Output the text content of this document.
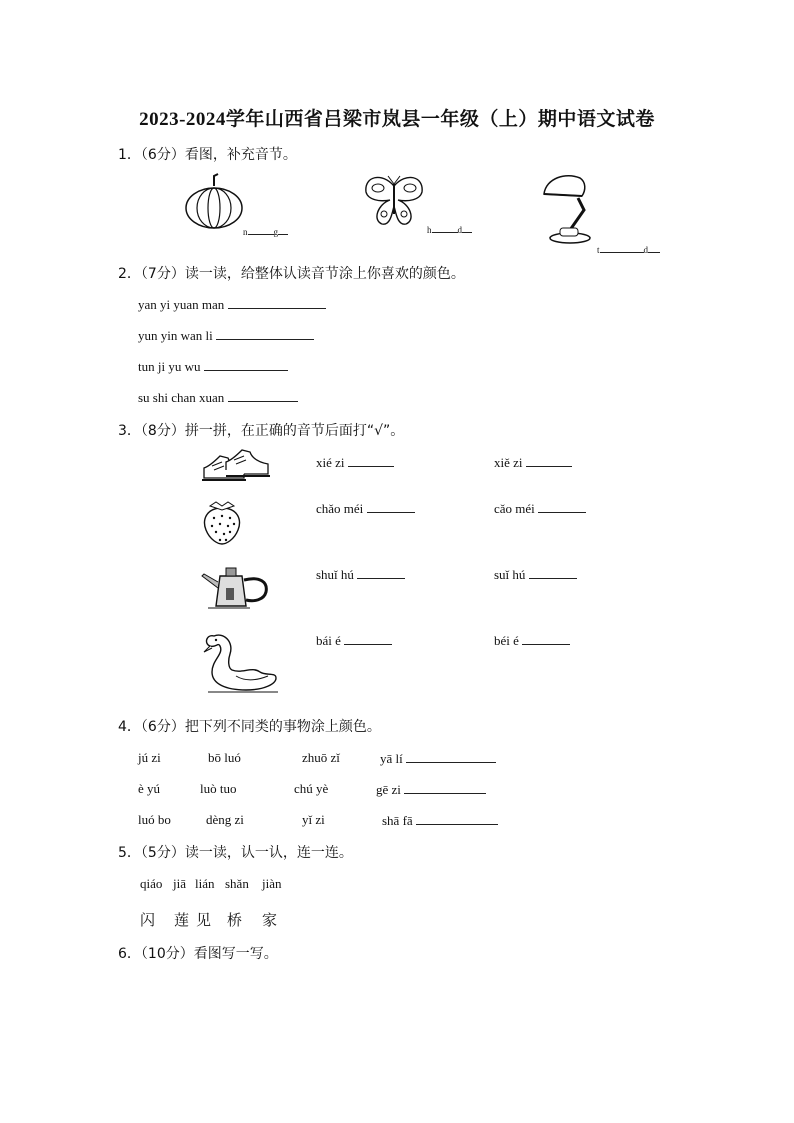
2023-2024学年山西省吕梁市岚县一年级（上）期中语文试卷
1．（6分）看图，补充音节。
n	g	h	d
t	d
2．（7分）读一读，给整体认读音节涂上你喜欢的颜色。
yan yi yuan man
yun yin wan li
tun ji yu wu
su shi chan xuan
3．（8分）拼一拼，在正确的音节后面打“√”。
xié zi	xiě zi
chǎo méi	cǎo méi
shuǐ hú	suǐ hú
bái é	béi é
4．（6分）把下列不同类的事物涂上颜色。
jú zi	bō luó	zhuō zǐ	yā lí
è yú	luò tuo	chú yè	gē zi
luó bo	dèng zi	yǐ zi	shā fā
5．（5分）读一读，认一认，连一连。
qiáo jiā lián shǎn jiàn
闪 莲 见 桥 家
6．（10分）看图写一写。
